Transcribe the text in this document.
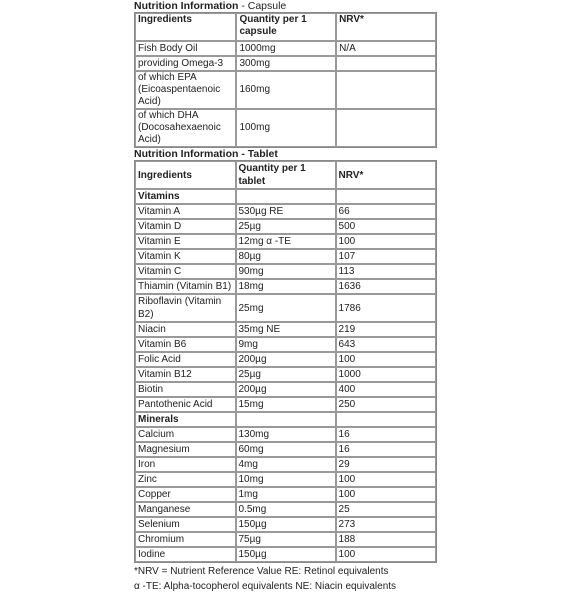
Nutrition Information - Capsule
Ingredients	Quantity per 1 capsule	NRV*
Fish Body Oil	1000mg	N/A
providing Omega-3	300mg	
of which EPA (Eicoaspentaenoic Acid)	160mg	
of which DHA (Docosahexaenoic Acid)	100mg	
Nutrition Information - Tablet
Ingredients	Quantity per 1 tablet	NRV*
Vitamins		
Vitamin A	530µg RE	66
Vitamin D	25µg	500
Vitamin E	12mg α -TE	100
Vitamin K	80µg	107
Vitamin C	90mg	113
Thiamin (Vitamin B1)	18mg	1636
Riboflavin (Vitamin B2)	25mg	1786
Niacin	35mg NE	219
Vitamin B6	9mg	643
Folic Acid	200µg	100
Vitamin B12	25µg	1000
Biotin	200µg	400
Pantothenic Acid	15mg	250
Minerals		
Calcium	130mg	16
Magnesium	60mg	16
Iron	4mg	29
Zinc	10mg	100
Copper	1mg	100
Manganese	0.5mg	25
Selenium	150µg	273
Chromium	75µg	188
Iodine	150µg	100
*NRV = Nutrient Reference Value RE: Retinol equivalents
α -TE: Alpha-tocopherol equivalents NE: Niacin equivalents
